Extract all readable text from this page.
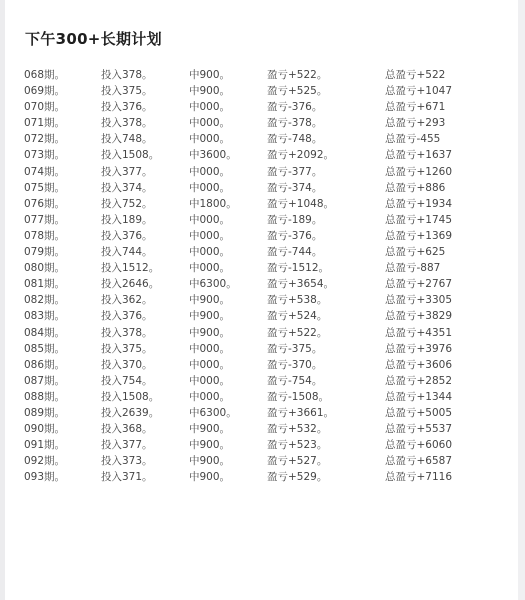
下午300+长期计划
068期。	投入378。	中900。	盈亏+522。	总盈亏+522
069期。	投入375。	中900。	盈亏+525。	总盈亏+1047
070期。	投入376。	中000。	盈亏-376。	总盈亏+671
071期。	投入378。	中000。	盈亏-378。	总盈亏+293
072期。	投入748。	中000。	盈亏-748。	总盈亏-455
073期。	投入1508。	中3600。	盈亏+2092。	总盈亏+1637
074期。	投入377。	中000。	盈亏-377。	总盈亏+1260
075期。	投入374。	中000。	盈亏-374。	总盈亏+886
076期。	投入752。	中1800。	盈亏+1048。	总盈亏+1934
077期。	投入189。	中000。	盈亏-189。	总盈亏+1745
078期。	投入376。	中000。	盈亏-376。	总盈亏+1369
079期。	投入744。	中000。	盈亏-744。	总盈亏+625
080期。	投入1512。	中000。	盈亏-1512。	总盈亏-887
081期。	投入2646。	中6300。	盈亏+3654。	总盈亏+2767
082期。	投入362。	中900。	盈亏+538。	总盈亏+3305
083期。	投入376。	中900。	盈亏+524。	总盈亏+3829
084期。	投入378。	中900。	盈亏+522。	总盈亏+4351
085期。	投入375。	中000。	盈亏-375。	总盈亏+3976
086期。	投入370。	中000。	盈亏-370。	总盈亏+3606
087期。	投入754。	中000。	盈亏-754。	总盈亏+2852
088期。	投入1508。	中000。	盈亏-1508。	总盈亏+1344
089期。	投入2639。	中6300。	盈亏+3661。	总盈亏+5005
090期。	投入368。	中900。	盈亏+532。	总盈亏+5537
091期。	投入377。	中900。	盈亏+523。	总盈亏+6060
092期。	投入373。	中900。	盈亏+527。	总盈亏+6587
093期。	投入371。	中900。	盈亏+529。	总盈亏+7116
